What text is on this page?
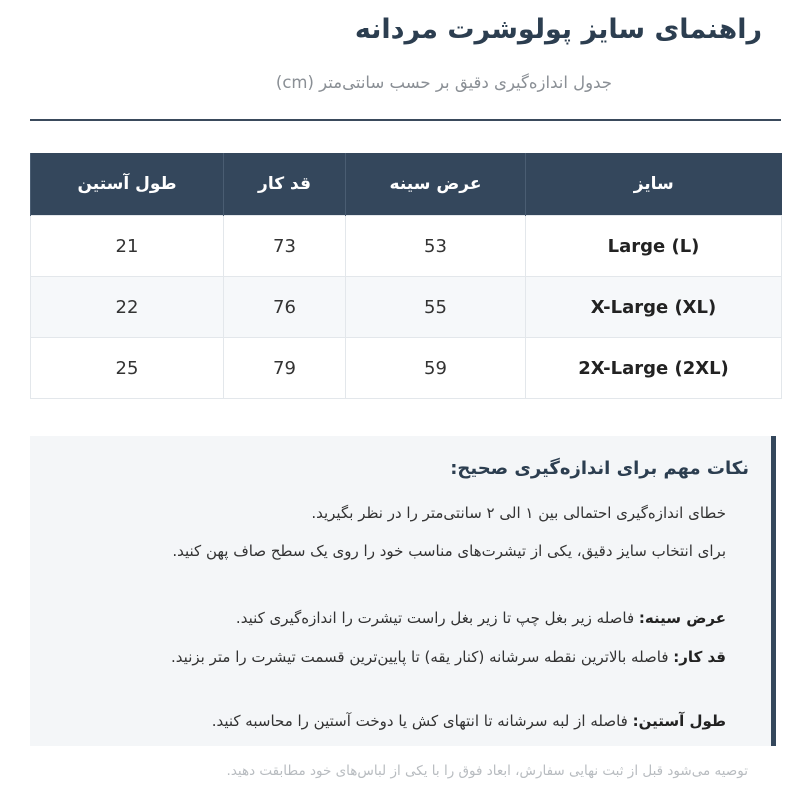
راهنمای سایز پولوشرت مردانه

جدول اندازه‌گیری دقیق بر حسب سانتی‌متر (cm)

سایز	عرض سینه	قد کار	طول آستین
Large (L)	53	73	21
X-Large (XL)	55	76	22
2X-Large (2XL)	59	79	25
نکات مهم برای اندازه‌گیری صحیح:

خطای اندازه‌گیری احتمالی بین ۱ الی ۲ سانتی‌متر را در نظر بگیرید.

برای انتخاب سایز دقیق، یکی از تیشرت‌های مناسب خود را روی یک سطح صاف پهن کنید.

عرض سینه: فاصله زیر بغل چپ تا زیر بغل راست تیشرت را اندازه‌گیری کنید.

قد کار: فاصله بالاترین نقطه سرشانه (کنار یقه) تا پایین‌ترین قسمت تیشرت را متر بزنید.

طول آستین: فاصله از لبه سرشانه تا انتهای کش یا دوخت آستین را محاسبه کنید.

توصیه می‌شود قبل از ثبت نهایی سفارش، ابعاد فوق را با یکی از لباس‌های خود مطابقت دهید.
